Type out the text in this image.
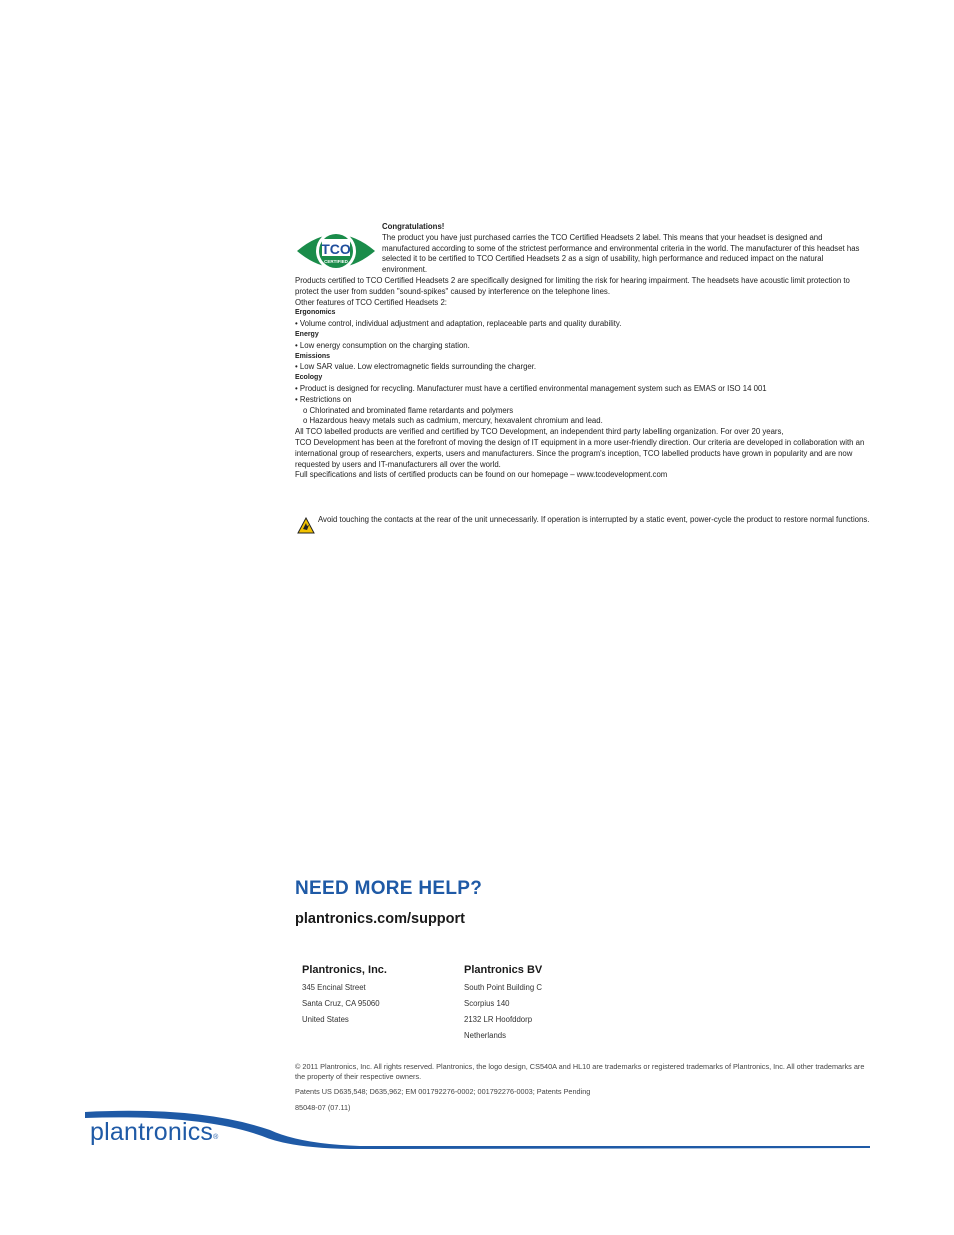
TCO
CERTIFIED
Congratulations!
The product you have just purchased carries the TCO Certified Headsets 2 label. This means that your headset is designed and manufactured according to some of the strictest performance and environmental criteria in the world. The manufacturer of this headset has selected it to be certified to TCO Certified Headsets 2 as a sign of usability, high performance and reduced impact on the natural environment.
Products certified to TCO Certified Headsets 2 are specifically designed for limiting the risk for hearing impairment. The headsets have acoustic limit protection to protect the user from sudden "sound-spikes" caused by interference on the telephone lines.
Other features of TCO Certified Headsets 2:
Ergonomics
• Volume control, individual adjustment and adaptation, replaceable parts and quality durability.
Energy
• Low energy consumption on the charging station.
Emissions
• Low SAR value. Low electromagnetic fields surrounding the charger.
Ecology
• Product is designed for recycling. Manufacturer must have a certified environmental management system such as EMAS or ISO 14 001
• Restrictions on
o Chlorinated and brominated flame retardants and polymers
o Hazardous heavy metals such as cadmium, mercury, hexavalent chromium and lead.
All TCO labelled products are verified and certified by TCO Development, an independent third party labelling organization. For over 20 years,
TCO Development has been at the forefront of moving the design of IT equipment in a more user-friendly direction. Our criteria are developed in collaboration with an international group of researchers, experts, users and manufacturers. Since the program's inception, TCO labelled products have grown in popularity and are now requested by users and IT-manufacturers all over the world.
Full specifications and lists of certified products can be found on our homepage – www.tcodevelopment.com
Avoid touching the contacts at the rear of the unit unnecessarily. If operation is interrupted by a static event, power-cycle the product to restore normal functions.
NEED MORE HELP?
plantronics.com/support
Plantronics, Inc.
345 Encinal Street
Santa Cruz, CA 95060
United States
Plantronics BV
South Point Building C
Scorpius 140
2132 LR Hoofddorp
Netherlands

© 2011 Plantronics, Inc. All rights reserved. Plantronics, the logo design, CS540A and HL10 are trademarks or registered trademarks of Plantronics, Inc. All other trademarks are the property of their respective owners.

Patents US D635,548; D635,962; EM 001792276-0002; 001792276-0003; Patents Pending

85048-07 (07.11)

plantronics®
